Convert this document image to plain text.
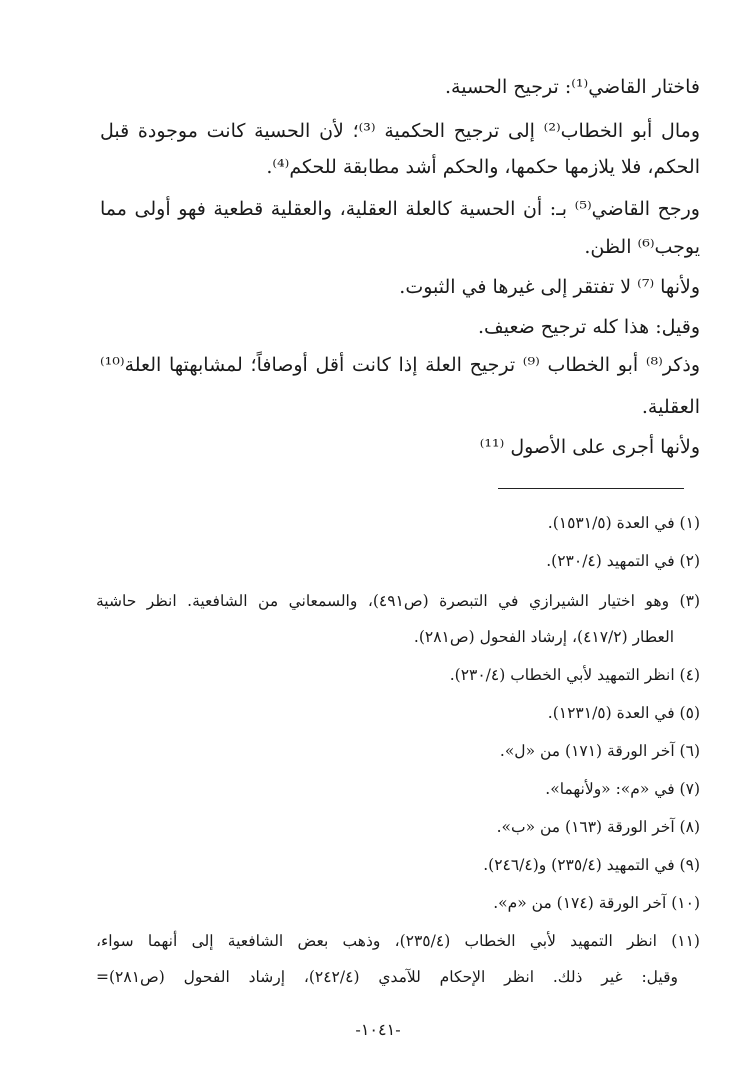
فاختار القاضي⁽¹⁾: ترجيح الحسية.
ومال أبو الخطاب⁽²⁾ إلى ترجيح الحكمية ⁽³⁾؛ لأن الحسية كانت موجودة قبل
الحكم، فلا يلازمها حكمها، والحكم أشد مطابقة للحكم⁽⁴⁾.
ورجح القاضي⁽⁵⁾ بـ: أن الحسية كالعلة العقلية، والعقلية قطعية فهو أولى مما
يوجب⁽⁶⁾ الظن.
ولأنها ⁽⁷⁾ لا تفتقر إلى غيرها في الثبوت.
وقيل: هذا كله ترجيح ضعيف.
وذكر⁽⁸⁾ أبو الخطاب ⁽⁹⁾ ترجيح العلة إذا كانت أقل أوصافاً؛ لمشابهتها العلة⁽¹⁰⁾
العقلية.
ولأنها أجرى على الأصول ⁽¹¹⁾
(١) في العدة (١٥٣١/٥).
(٢) في التمهيد (٢٣٠/٤).
(٣) وهو اختيار الشيرازي في التبصرة (ص٤٩١)، والسمعاني من الشافعية. انظر حاشية
العطار (٤١٧/٢)، إرشاد الفحول (ص٢٨١).
(٤) انظر التمهيد لأبي الخطاب (٢٣٠/٤).
(٥) في العدة (١٢٣١/٥).
(٦) آخر الورقة (١٧١) من «ل».
(٧) في «م»: «ولأنهما».
(٨) آخر الورقة (١٦٣) من «ب».
(٩) في التمهيد (٢٣٥/٤) و(٢٤٦/٤).
(١٠) آخر الورقة (١٧٤) من «م».
(١١) انظر التمهيد لأبي الخطاب (٢٣٥/٤)، وذهب بعض الشافعية إلى أنهما سواء،
وقيل: غير ذلك. انظر الإحكام للآمدي (٢٤٢/٤)، إرشاد الفحول (ص٢٨١)=
-١٠٤١-
